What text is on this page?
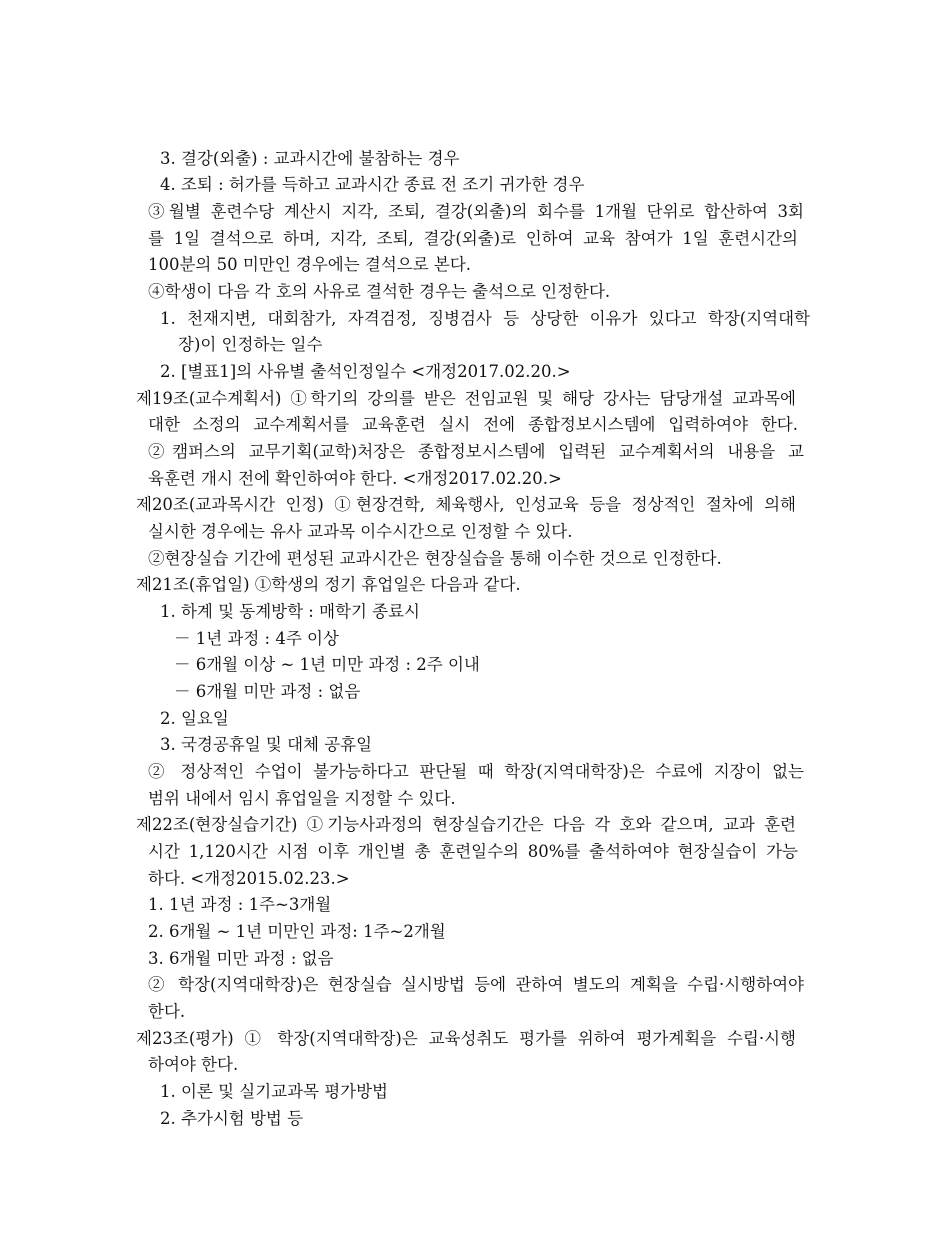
3. 결강(외출) : 교과시간에 불참하는 경우
4. 조퇴 : 허가를 득하고 교과시간 종료 전 조기 귀가한 경우
③월별 훈련수당 계산시 지각, 조퇴, 결강(외출)의 회수를 1개월 단위로 합산하여 3회
를 1일 결석으로 하며, 지각, 조퇴, 결강(외출)로 인하여 교육 참여가 1일 훈련시간의
100분의 50 미만인 경우에는 결석으로 본다.
④학생이 다음 각 호의 사유로 결석한 경우는 출석으로 인정한다.
1. 천재지변, 대회참가, 자격검정, 징병검사 등 상당한 이유가 있다고 학장(지역대학
장)이 인정하는 일수
2. [별표1]의 사유별 출석인정일수 <개정2017.02.20.>
제19조(교수계획서) ①학기의 강의를 받은 전임교원 및 해당 강사는 담당개설 교과목에
대한 소정의 교수계획서를 교육훈련 실시 전에 종합정보시스템에 입력하여야 한다.
②캠퍼스의 교무기획(교학)처장은 종합정보시스템에 입력된 교수계획서의 내용을 교
육훈련 개시 전에 확인하여야 한다. <개정2017.02.20.>
제20조(교과목시간 인정) ①현장견학, 체육행사, 인성교육 등을 정상적인 절차에 의해
실시한 경우에는 유사 교과목 이수시간으로 인정할 수 있다.
②현장실습 기간에 편성된 교과시간은 현장실습을 통해 이수한 것으로 인정한다.
제21조(휴업일) ①학생의 정기 휴업일은 다음과 같다.
1. 하계 및 동계방학 : 매학기 종료시
－ 1년 과정 : 4주 이상
－ 6개월 이상 ~ 1년 미만 과정 : 2주 이내
－ 6개월 미만 과정 : 없음
2. 일요일
3. 국경공휴일 및 대체 공휴일
② 정상적인 수업이 불가능하다고 판단될 때 학장(지역대학장)은 수료에 지장이 없는
범위 내에서 임시 휴업일을 지정할 수 있다.
제22조(현장실습기간) ①기능사과정의 현장실습기간은 다음 각 호와 같으며, 교과 훈련
시간 1,120시간 시점 이후 개인별 총 훈련일수의 80%를 출석하여야 현장실습이 가능
하다. <개정2015.02.23.>
1. 1년 과정 : 1주~3개월
2. 6개월 ~ 1년 미만인 과정: 1주~2개월
3. 6개월 미만 과정 : 없음
② 학장(지역대학장)은 현장실습 실시방법 등에 관하여 별도의 계획을 수립·시행하여야
한다.
제23조(평가) ① 학장(지역대학장)은 교육성취도 평가를 위하여 평가계획을 수립·시행
하여야 한다.
1. 이론 및 실기교과목 평가방법
2. 추가시험 방법 등
